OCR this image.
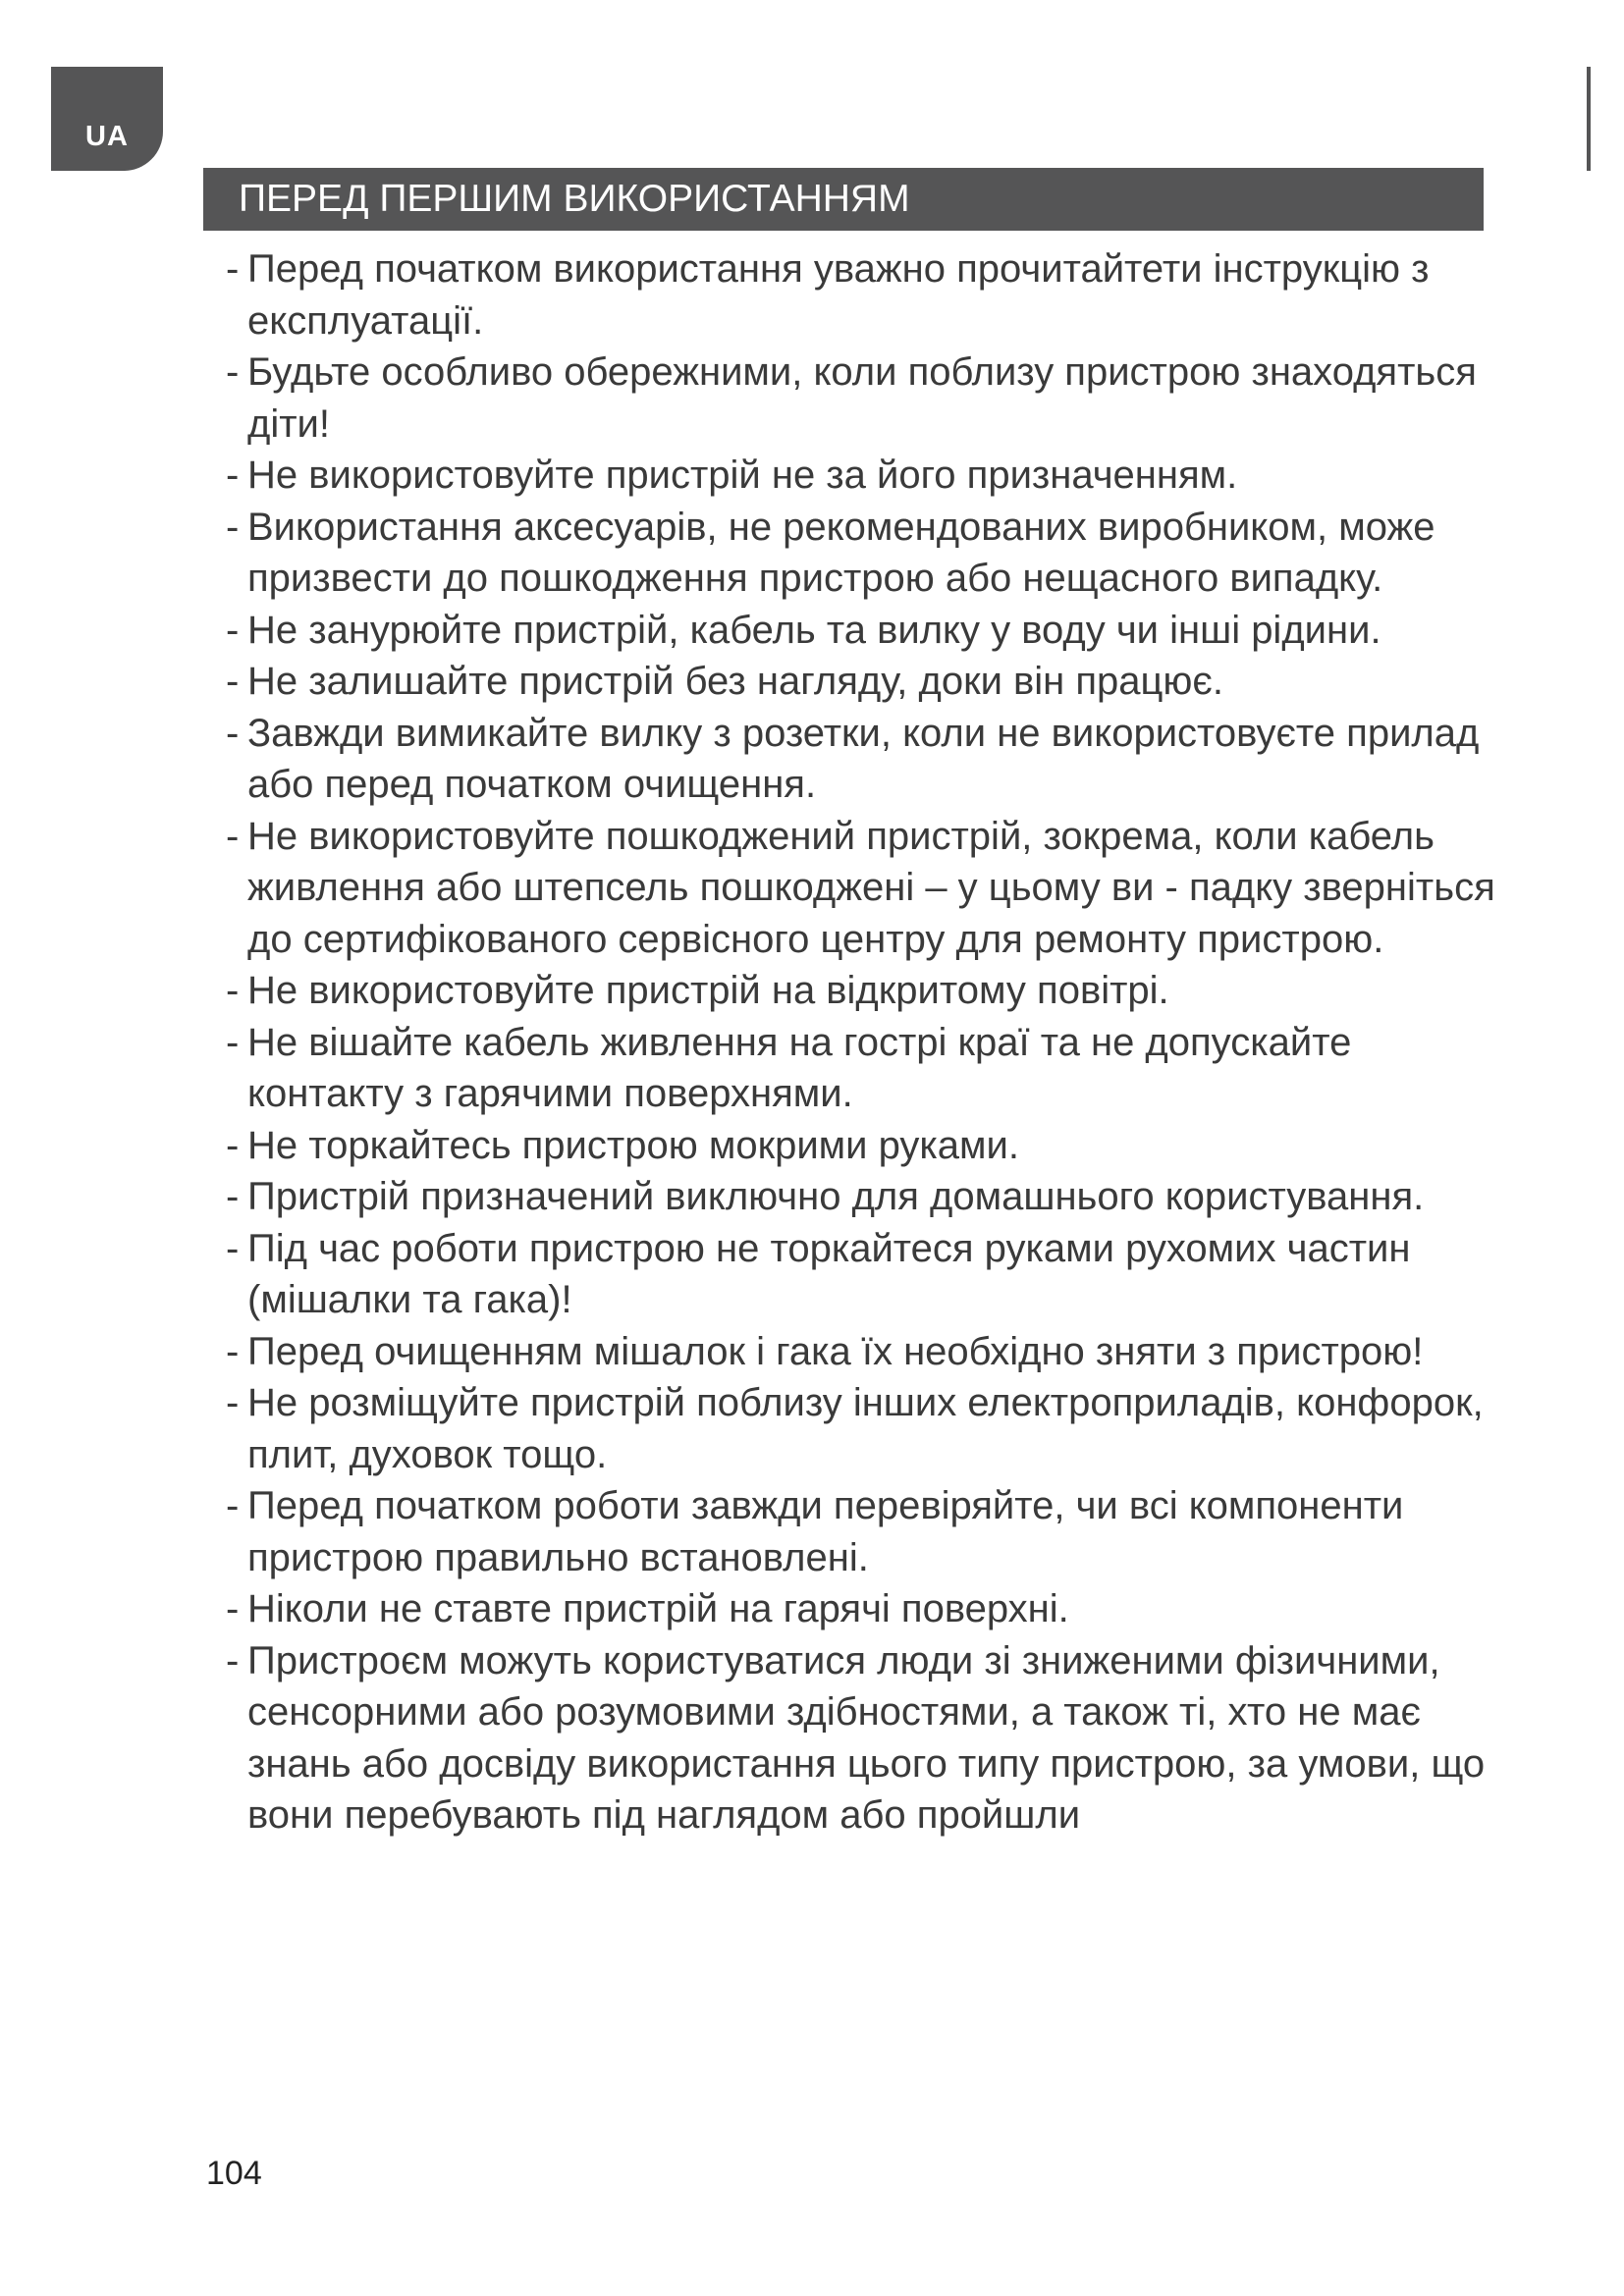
UA
ПЕРЕД ПЕРШИМ ВИКОРИСТАННЯМ
- Перед початком використання уважно прочитайтети інструкцію з експлуатації.
- Будьте особливо обережними, коли поблизу пристрою знаходяться діти!
- Не використовуйте пристрій не за його призначенням.
- Використання аксесуарів, не рекомендованих виробником, може призвести до пошкодження пристрою або нещасного випадку.
- Не занурюйте пристрій, кабель та вилку у воду чи інші рідини.
- Не залишайте пристрій без нагляду, доки він працює.
- Завжди вимикайте вилку з розетки, коли не використовуєте прилад або перед початком очищення.
- Не використовуйте пошкоджений пристрій, зокрема, коли кабель живлення або штепсель пошкоджені – у цьому ви - падку зверніться до сертифікованого сервісного центру для ремонту пристрою.
- Не використовуйте пристрій на відкритому повітрі.
- Не вішайте кабель живлення на гострі краї та не допускайте контакту з гарячими поверхнями.
- Не торкайтесь пристрою мокрими руками.
- Пристрій призначений виключно для домашнього користування.
- Під час роботи пристрою не торкайтеся руками рухомих частин (мішалки та гака)!
- Перед очищенням мішалок і гака їх необхідно зняти з пристрою!
- Не розміщуйте пристрій поблизу інших електроприладів, конфорок, плит, духовок тощо.
- Перед початком роботи завжди перевіряйте, чи всі компоненти пристрою правильно встановлені.
- Ніколи не ставте пристрій на гарячі поверхні.
- Пристроєм можуть користуватися люди зі зниженими фізичними, сенсорними або розумовими здібностями, а також ті, хто не має знань або досвіду використання цього типу пристрою, за умови, що вони перебувають під наглядом або пройшли
104
